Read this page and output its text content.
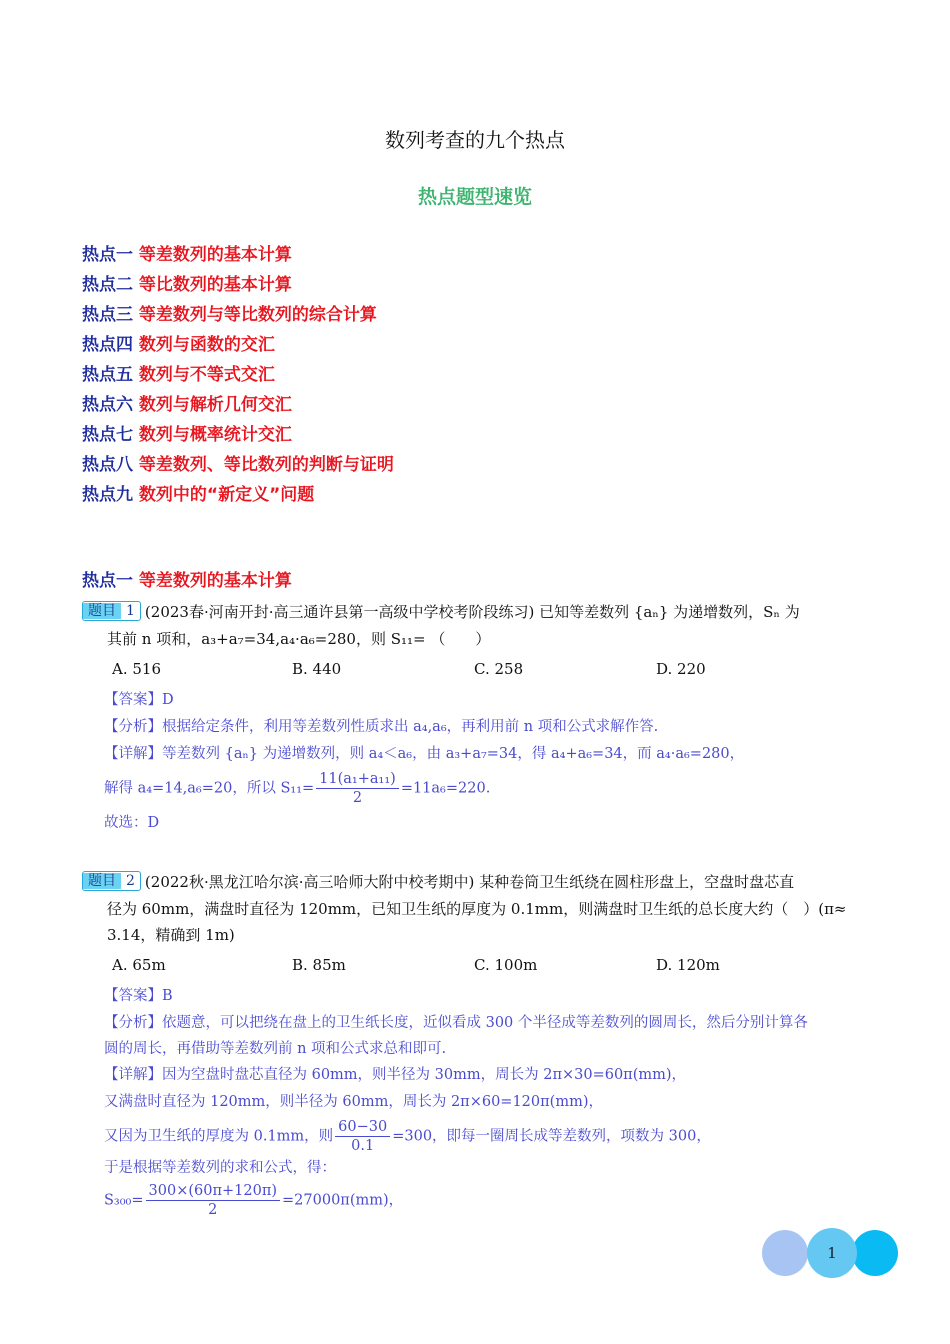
数列考查的九个热点
热点题型速览
热点一 等差数列的基本计算
热点二 等比数列的基本计算
热点三 等差数列与等比数列的综合计算
热点四 数列与函数的交汇
热点五 数列与不等式交汇
热点六 数列与解析几何交汇
热点七 数列与概率统计交汇
热点八 等差数列、等比数列的判断与证明
热点九 数列中的“新定义”问题
热点一 等差数列的基本计算
题目 1 (2023春·河南开封·高三通许县第一高级中学校考阶段练习) 已知等差数列 {aₙ} 为递增数列，Sₙ 为
其前 n 项和，a₃+a₇=34,a₄·a₆=280，则 S₁₁= （　　）
A. 516	B. 440	C. 258	D. 220
【答案】D
【分析】根据给定条件，利用等差数列性质求出 a₄,a₆，再利用前 n 项和公式求解作答.
【详解】等差数列 {aₙ} 为递增数列，则 a₄＜a₆，由 a₃+a₇=34，得 a₄+a₆=34，而 a₄·a₆=280，
解得 a₄=14,a₆=20，所以 $S_{11}= \frac{\text{11(a₁+a₁₁)}}{2} =11a_6=220$.
故选：D
题目 2 (2022秋·黑龙江哈尔滨·高三哈师大附中校考期中) 某种卷筒卫生纸绕在圆柱形盘上，空盘时盘芯直
径为 60mm，满盘时直径为 120mm，已知卫生纸的厚度为 0.1mm，则满盘时卫生纸的总长度大约（　）(π≈
3.14，精确到 1m)
A. 65m	B. 85m	C. 100m	D. 120m
【答案】B
【分析】依题意，可以把绕在盘上的卫生纸长度，近似看成 300 个半径成等差数列的圆周长，然后分别计算各
圆的周长，再借助等差数列前 n 项和公式求总和即可.
【详解】因为空盘时盘芯直径为 60mm，则半径为 30mm，周长为 2π×30=60π(mm)，
又满盘时直径为 120mm，则半径为 60mm，周长为 2π×60=120π(mm)，
又因为卫生纸的厚度为 0.1mm，则 $\frac{60-30}{0.1} =300$，即每一圈周长成等差数列，项数为 300，
于是根据等差数列的求和公式，得：
$S_{300}= \frac{300\times(60\pi+120\pi)}{2} =27000\pi(mm)$，
1
